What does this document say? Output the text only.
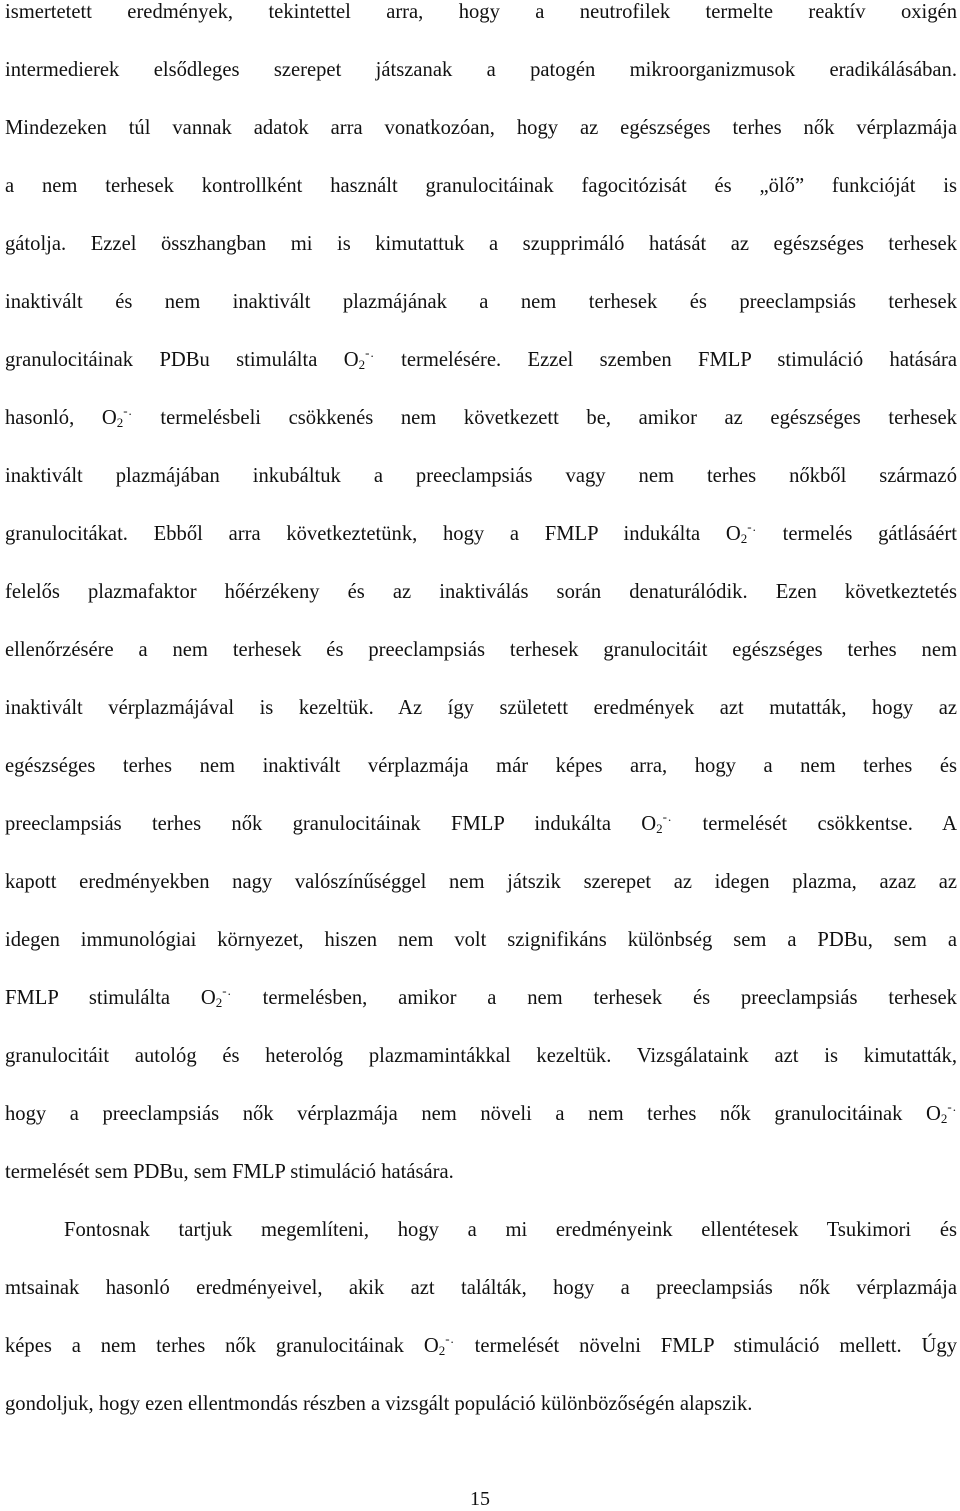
ismertetett eredmények, tekintettel arra, hogy a neutrofilek termelte reaktív oxigén
intermedierek elsődleges szerepet játszanak a patogén mikroorganizmusok eradikálásában.
Mindezeken túl vannak adatok arra vonatkozóan, hogy az egészséges terhes nők vérplazmája
a nem terhesek kontrollként használt granulocitáinak fagocitózisát és „ölő” funkcióját is
gátolja. Ezzel összhangban mi is kimutattuk a szupprimáló hatását az egészséges terhesek
inaktivált és nem inaktivált plazmájának a nem terhesek és preeclampsiás terhesek
granulocitáinak PDBu stimulálta $O_2^{-.}$ termelésére. Ezzel szemben FMLP stimuláció hatására
hasonló, $O_2^{-.}$ termelésbeli csökkenés nem következett be, amikor az egészséges terhesek
inaktivált plazmájában inkubáltuk a preeclampsiás vagy nem terhes nőkből származó
granulocitákat. Ebből arra következtetünk, hogy a FMLP indukálta $O_2^{-.}$ termelés gátlásáért
felelős plazmafaktor hőérzékeny és az inaktiválás során denaturálódik. Ezen következtetés
ellenőrzésére a nem terhesek és preeclampsiás terhesek granulocitáit egészséges terhes nem
inaktivált vérplazmájával is kezeltük. Az így született eredmények azt mutatták, hogy az
egészséges terhes nem inaktivált vérplazmája már képes arra, hogy a nem terhes és
preeclampsiás terhes nők granulocitáinak FMLP indukálta $O_2^{-.}$ termelését csökkentse. A
kapott eredményekben nagy valószínűséggel nem játszik szerepet az idegen plazma, azaz az
idegen immunológiai környezet, hiszen nem volt szignifikáns különbség sem a PDBu, sem a
FMLP stimulálta $O_2^{-.}$ termelésben, amikor a nem terhesek és preeclampsiás terhesek
granulocitáit autológ és heterológ plazmamintákkal kezeltük. Vizsgálataink azt is kimutatták,
hogy a preeclampsiás nők vérplazmája nem növeli a nem terhes nők granulocitáinak $O_2^{-.}$
termelését sem PDBu, sem FMLP stimuláció hatására.
Fontosnak tartjuk megemlíteni, hogy a mi eredményeink ellentétesek Tsukimori és
mtsainak hasonló eredményeivel, akik azt találták, hogy a preeclampsiás nők vérplazmája
képes a nem terhes nők granulocitáinak $O_2^{-.}$ termelését növelni FMLP stimuláció mellett. Úgy
gondoljuk, hogy ezen ellentmondás részben a vizsgált populáció különbözőségén alapszik.
15
